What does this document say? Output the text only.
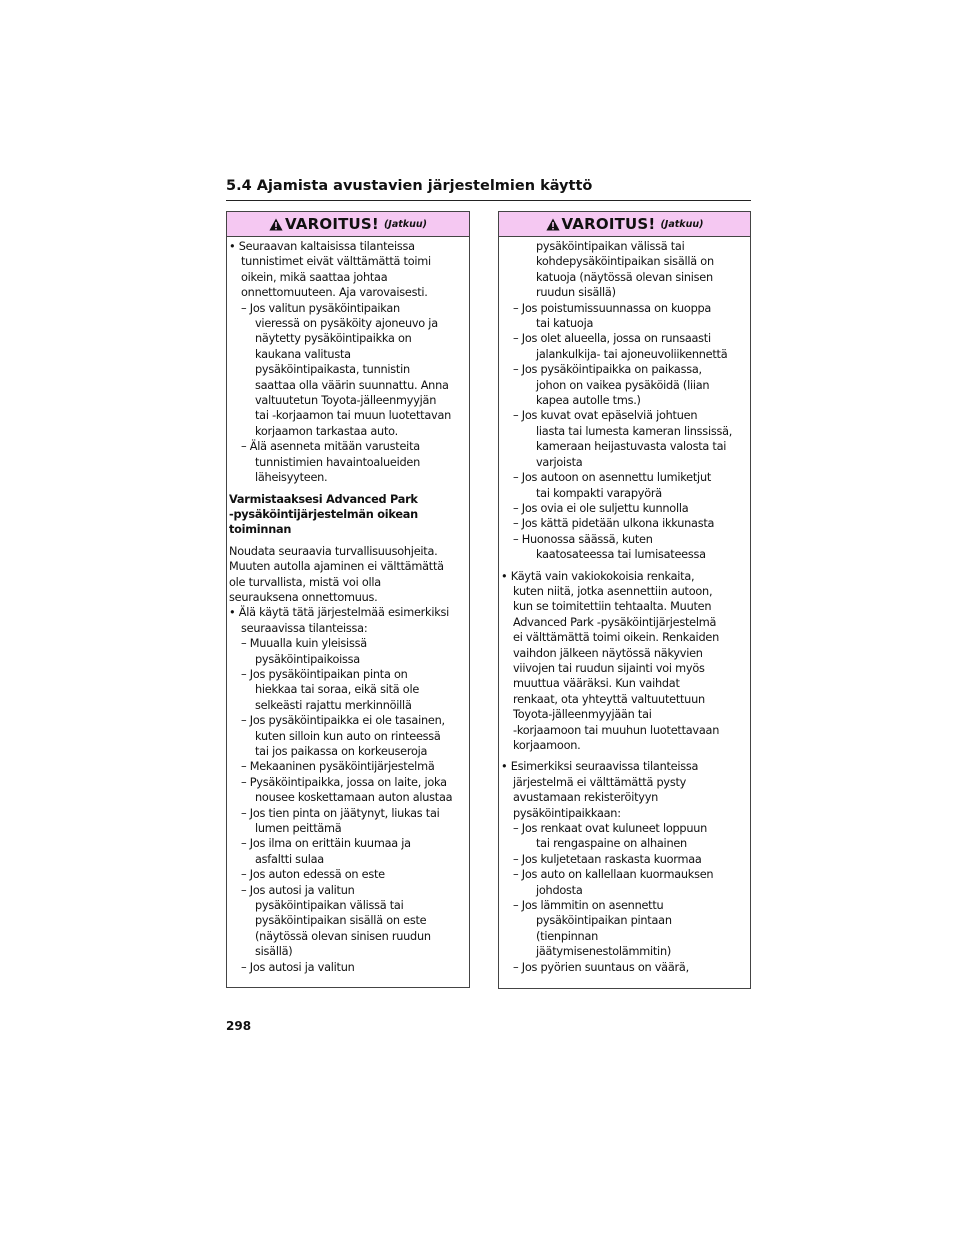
5.4 Ajamista avustavien järjestelmien käyttö
VAROITUS! (Jatkuu)
• Seuraavan kaltaisissa tilanteissa
tunnistimet eivät välttämättä toimi
oikein, mikä saattaa johtaa
onnettomuuteen. Aja varovaisesti.
– Jos valitun pysäköintipaikan
vieressä on pysäköity ajoneuvo ja
näytetty pysäköintipaikka on
kaukana valitusta
pysäköintipaikasta, tunnistin
saattaa olla väärin suunnattu. Anna
valtuutetun Toyota-jälleenmyyjän
tai -korjaamon tai muun luotettavan
korjaamon tarkastaa auto.
– Älä asenneta mitään varusteita
tunnistimien havaintoalueiden
läheisyyteen.
Varmistaaksesi Advanced Park
-pysäköintijärjestelmän oikean
toiminnan
Noudata seuraavia turvallisuusohjeita.
Muuten autolla ajaminen ei välttämättä
ole turvallista, mistä voi olla
seurauksena onnettomuus.
• Älä käytä tätä järjestelmää esimerkiksi
seuraavissa tilanteissa:
– Muualla kuin yleisissä
pysäköintipaikoissa
– Jos pysäköintipaikan pinta on
hiekkaa tai soraa, eikä sitä ole
selkeästi rajattu merkinnöillä
– Jos pysäköintipaikka ei ole tasainen,
kuten silloin kun auto on rinteessä
tai jos paikassa on korkeuseroja
– Mekaaninen pysäköintijärjestelmä
– Pysäköintipaikka, jossa on laite, joka
nousee koskettamaan auton alustaa
– Jos tien pinta on jäätynyt, liukas tai
lumen peittämä
– Jos ilma on erittäin kuumaa ja
asfaltti sulaa
– Jos auton edessä on este
– Jos autosi ja valitun
pysäköintipaikan välissä tai
pysäköintipaikan sisällä on este
(näytössä olevan sinisen ruudun
sisällä)
– Jos autosi ja valitun
VAROITUS! (Jatkuu)
pysäköintipaikan välissä tai
kohdepysäköintipaikan sisällä on
katuoja (näytössä olevan sinisen
ruudun sisällä)
– Jos poistumissuunnassa on kuoppa
tai katuoja
– Jos olet alueella, jossa on runsaasti
jalankulkija- tai ajoneuvoliikennettä
– Jos pysäköintipaikka on paikassa,
johon on vaikea pysäköidä (liian
kapea autolle tms.)
– Jos kuvat ovat epäselviä johtuen
liasta tai lumesta kameran linssissä,
kameraan heijastuvasta valosta tai
varjoista
– Jos autoon on asennettu lumiketjut
tai kompakti varapyörä
– Jos ovia ei ole suljettu kunnolla
– Jos kättä pidetään ulkona ikkunasta
– Huonossa säässä, kuten
kaatosateessa tai lumisateessa
• Käytä vain vakiokokoisia renkaita,
kuten niitä, jotka asennettiin autoon,
kun se toimitettiin tehtaalta. Muuten
Advanced Park -pysäköintijärjestelmä
ei välttämättä toimi oikein. Renkaiden
vaihdon jälkeen näytössä näkyvien
viivojen tai ruudun sijainti voi myös
muuttua vääräksi. Kun vaihdat
renkaat, ota yhteyttä valtuutettuun
Toyota-jälleenmyyjään tai
-korjaamoon tai muuhun luotettavaan
korjaamoon.
• Esimerkiksi seuraavissa tilanteissa
järjestelmä ei välttämättä pysty
avustamaan rekisteröityyn
pysäköintipaikkaan:
– Jos renkaat ovat kuluneet loppuun
tai rengaspaine on alhainen
– Jos kuljetetaan raskasta kuormaa
– Jos auto on kallellaan kuormauksen
johdosta
– Jos lämmitin on asennettu
pysäköintipaikan pintaan
(tienpinnan
jäätymisenestolämmitin)
– Jos pyörien suuntaus on väärä,
298
